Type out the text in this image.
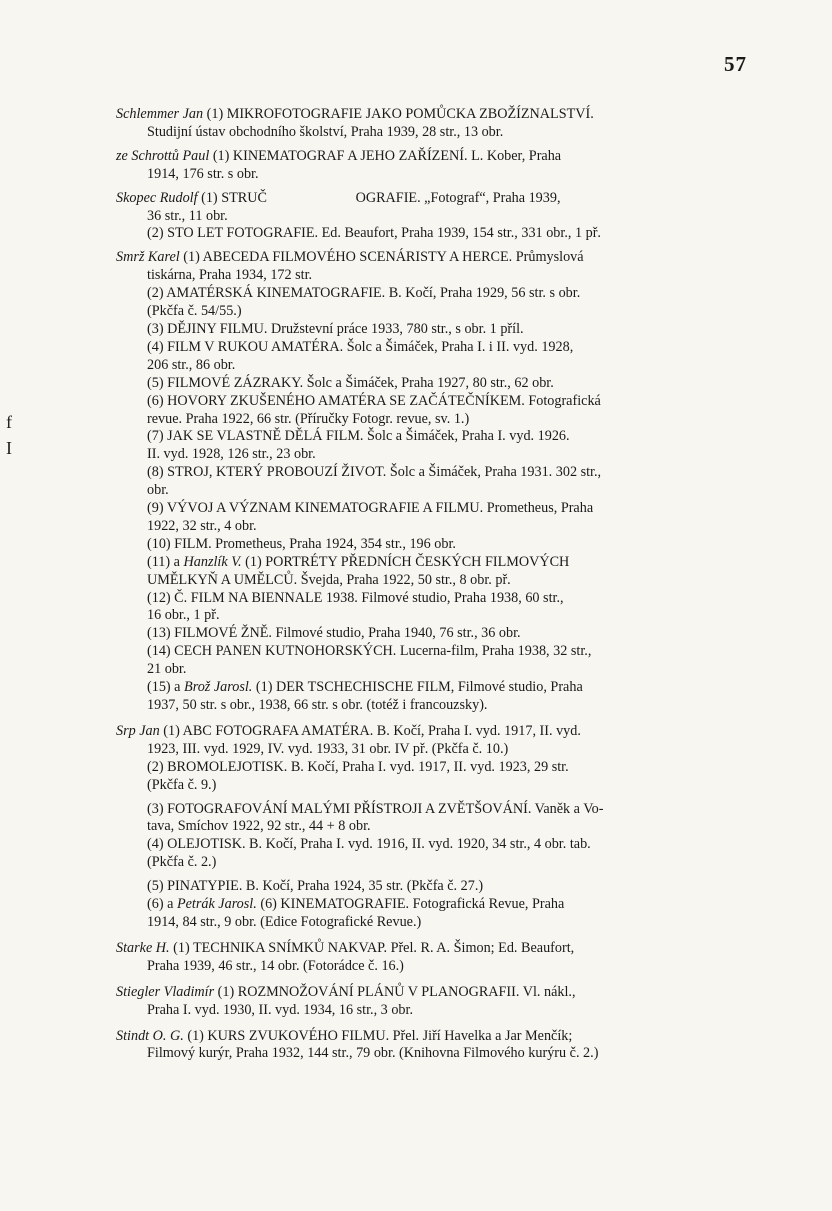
57
f
I
Schlemmer Jan (1) MIKROFOTOGRAFIE JAKO POMŮCKA ZBOŽÍZNALSTVÍ.
Studijní ústav obchodního školství, Praha 1939, 28 str., 13 obr.
ze Schrottů Paul (1) KINEMATOGRAF A JEHO ZAŘÍZENÍ. L. Kober, Praha
1914, 176 str. s obr.
Skopec Rudolf (1) STRUČ                         OGRAFIE. „Fotograf“, Praha 1939,
36 str., 11 obr.
(2) STO LET FOTOGRAFIE. Ed. Beaufort, Praha 1939, 154 str., 331 obr., 1 př.
Smrž Karel (1) ABECEDA FILMOVÉHO SCENÁRISTY A HERCE. Průmyslová
tiskárna, Praha 1934, 172 str.
(2) AMATÉRSKÁ KINEMATOGRAFIE. B. Kočí, Praha 1929, 56 str. s obr.
(Pkčfa č. 54/55.)
(3) DĚJINY FILMU. Družstevní práce 1933, 780 str., s obr. 1 příl.
(4) FILM V RUKOU AMATÉRA. Šolc a Šimáček, Praha I. i II. vyd. 1928,
206 str., 86 obr.
(5) FILMOVÉ ZÁZRAKY. Šolc a Šimáček, Praha 1927, 80 str., 62 obr.
(6) HOVORY ZKUŠENÉHO AMATÉRA SE ZAČÁTEČNÍKEM. Fotografická
revue. Praha 1922, 66 str. (Příručky Fotogr. revue, sv. 1.)
(7) JAK SE VLASTNĚ DĚLÁ FILM. Šolc a Šimáček, Praha I. vyd. 1926.
II. vyd. 1928, 126 str., 23 obr.
(8) STROJ, KTERÝ PROBOUZÍ ŽIVOT. Šolc a Šimáček, Praha 1931. 302 str.,
obr.
(9) VÝVOJ A VÝZNAM KINEMATOGRAFIE A FILMU. Prometheus, Praha
1922, 32 str., 4 obr.
(10) FILM. Prometheus, Praha 1924, 354 str., 196 obr.
(11) a Hanzlík V. (1) PORTRÉTY PŘEDNÍCH ČESKÝCH FILMOVÝCH
UMĚLKYŇ A UMĚLCŮ. Švejda, Praha 1922, 50 str., 8 obr. př.
(12) Č. FILM NA BIENNALE 1938. Filmové studio, Praha 1938, 60 str.,
16 obr., 1 př.
(13) FILMOVÉ ŽNĚ. Filmové studio, Praha 1940, 76 str., 36 obr.
(14) CECH PANEN KUTNOHORSKÝCH. Lucerna-film, Praha 1938, 32 str.,
21 obr.
(15) a Brož Jarosl. (1) DER TSCHECHISCHE FILM, Filmové studio, Praha
1937, 50 str. s obr., 1938, 66 str. s obr. (totéž i francouzsky).
Srp Jan (1) ABC FOTOGRAFA AMATÉRA. B. Kočí, Praha I. vyd. 1917, II. vyd.
1923, III. vyd. 1929, IV. vyd. 1933, 31 obr. IV př. (Pkčfa č. 10.)
(2) BROMOLEJOTISK. B. Kočí, Praha I. vyd. 1917, II. vyd. 1923, 29 str.
(Pkčfa č. 9.)
(3) FOTOGRAFOVÁNÍ MALÝMI PŘÍSTROJI A ZVĚTŠOVÁNÍ. Vaněk a Vo-
tava, Smíchov 1922, 92 str., 44 + 8 obr.
(4) OLEJOTISK. B. Kočí, Praha I. vyd. 1916, II. vyd. 1920, 34 str., 4 obr. tab.
(Pkčfa č. 2.)
(5) PINATYPIE. B. Kočí, Praha 1924, 35 str. (Pkčfa č. 27.)
(6) a Petrák Jarosl. (6) KINEMATOGRAFIE. Fotografická Revue, Praha
1914, 84 str., 9 obr. (Edice Fotografické Revue.)
Starke H. (1) TECHNIKA SNÍMKŮ NAKVAP. Přel. R. A. Šimon; Ed. Beaufort,
Praha 1939, 46 str., 14 obr. (Fotorádce č. 16.)
Stiegler Vladimír (1) ROZMNOŽOVÁNÍ PLÁNŮ V PLANOGRAFII. Vl. nákl.,
Praha I. vyd. 1930, II. vyd. 1934, 16 str., 3 obr.
Stindt O. G. (1) KURS ZVUKOVÉHO FILMU. Přel. Jiří Havelka a Jar Menčík;
Filmový kurýr, Praha 1932, 144 str., 79 obr. (Knihovna Filmového kurýru č. 2.)
